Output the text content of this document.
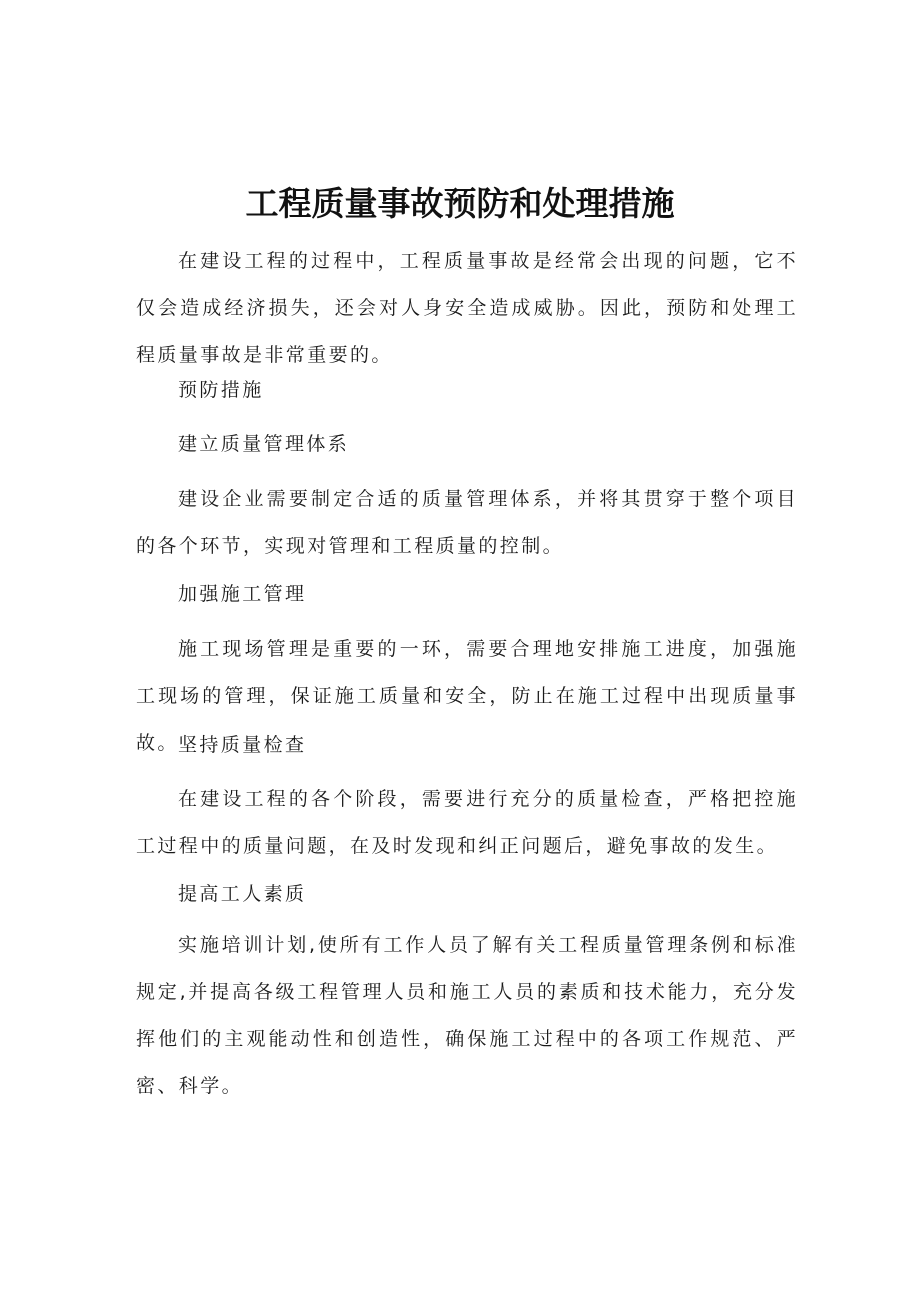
工程质量事故预防和处理措施
在建设工程的过程中，工程质量事故是经常会出现的问题，它不仅会造成经济损失，还会对人身安全造成威胁。因此，预防和处理工程质量事故是非常重要的。
预防措施
建立质量管理体系
建设企业需要制定合适的质量管理体系，并将其贯穿于整个项目的各个环节，实现对管理和工程质量的控制。
加强施工管理
施工现场管理是重要的一环，需要合理地安排施工进度，加强施工现场的管理，保证施工质量和安全，防止在施工过程中出现质量事故。 坚持质量检查
在建设工程的各个阶段，需要进行充分的质量检查，严格把控施工过程中的质量问题，在及时发现和纠正问题后，避免事故的发生。
提高工人素质
实施培训计划,使所有工作人员了解有关工程质量管理条例和标准规定,并提高各级工程管理人员和施工人员的素质和技术能力，充分发挥他们的主观能动性和创造性，确保施工过程中的各项工作规范、严密、科学。
